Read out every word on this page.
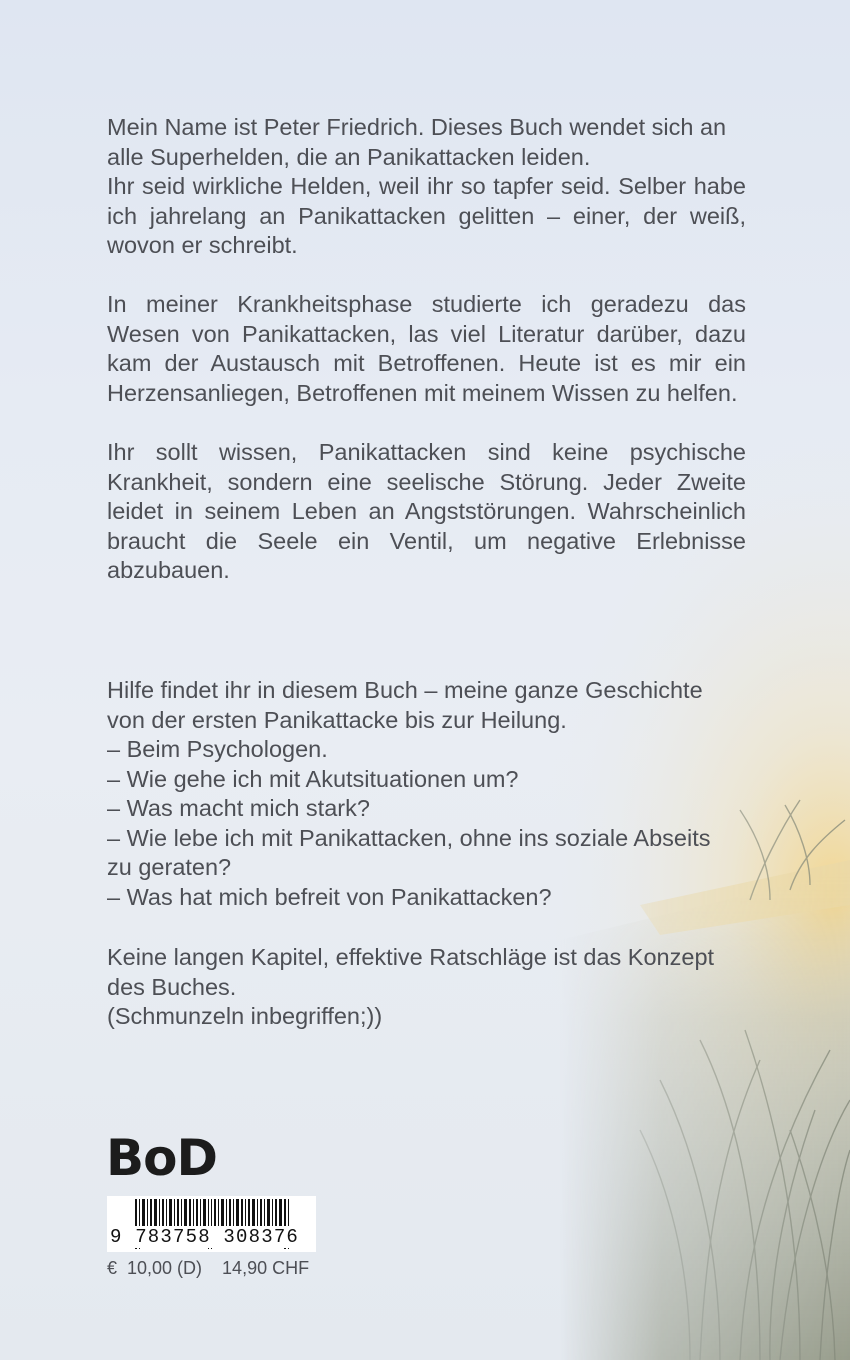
Mein Name ist Peter Friedrich. Dieses Buch wendet sich an
alle Superhelden, die an Panikattacken leiden.

Ihr seid wirkliche Helden, weil ihr so tapfer seid. Selber habe ich jahrelang an Panikattacken gelitten – einer, der weiß, wovon er schreibt.

In meiner Krankheitsphase studierte ich geradezu das Wesen von Panikattacken, las viel Literatur darüber, dazu kam der Austausch mit Betroffenen. Heute ist es mir ein Herzensanliegen, Betroffenen mit meinem Wissen zu helfen.

Ihr sollt wissen, Panikattacken sind keine psychische Krankheit, sondern eine seelische Störung. Jeder Zweite leidet in seinem Leben an Angststörungen. Wahrscheinlich braucht die Seele ein Ventil, um negative Erlebnisse abzubauen.

Hilfe findet ihr in diesem Buch – meine ganze Geschichte
von der ersten Panikattacke bis zur Heilung.
– Beim Psychologen.
– Wie gehe ich mit Akutsituationen um?
– Was macht mich stark?
– Wie lebe ich mit Panikattacken, ohne ins soziale Abseits
zu geraten?
– Was hat mich befreit von Panikattacken?
Keine langen Kapitel, effektive Ratschläge ist das Konzept
des Buches.
(Schmunzeln inbegriffen;))
BoD
9 783758 308376
€  10,00 (D)    14,90 CHF
